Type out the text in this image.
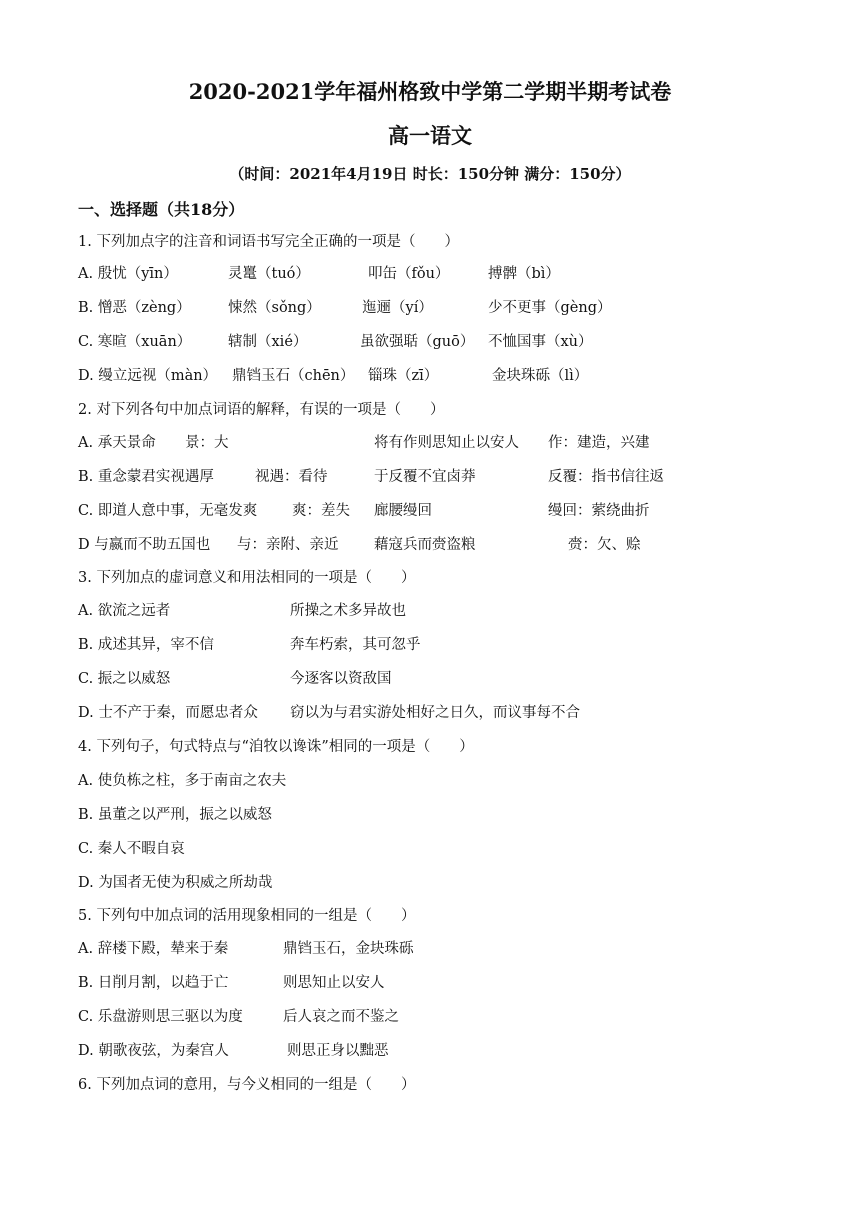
2020-2021学年福州格致中学第二学期半期考试卷
高一语文
（时间：2021年4月19日 时长：150分钟 满分：150分）
一、选择题（共18分）
1. 下列加点字的注音和词语书写完全正确的一项是（　　）
A. 殷忧（yīn）	灵鼍（tuó）	叩缶（fǒu）	搏髀（bì）
B. 憎恶（zèng）	悚然（sǒng）	迤逦（yí）	少不更事（gèng）
C. 寒暄（xuān）	辖制（xié）	虽欲强聒（guō） 不恤国事（xù）
D. 缦立远视（màn） 鼎铛玉石（chēn） 锱珠（zī）	金块珠砾（lì）
2. 对下列各句中加点词语的解释，有误的一项是（　　）
A. 承天景命 景：大	将有作则思知止以安人 作：建造，兴建
B. 重念蒙君实视遇厚	视遇：看待	于反覆不宜卤莽	反覆：指书信往返
C. 即道人意中事，无毫发爽 爽：差失 廊腰缦回	缦回：萦绕曲折
D 与嬴而不助五国也 与：亲附、亲近 藉寇兵而赍盗粮	赍：欠、赊
3. 下列加点的虚词意义和用法相同的一项是（　　）
A. 欲流之远者	所操之术多异故也
B. 成述其异，宰不信	奔车朽索，其可忽乎
C. 振之以威怒	今逐客以资敌国
D. 士不产于秦，而愿忠者众 窃以为与君实游处相好之日久，而议事每不合
4. 下列句子，句式特点与“洎牧以谗诛”相同的一项是（　　）
A. 使负栋之柱，多于南亩之农夫
B. 虽董之以严刑，振之以威怒
C. 秦人不暇自哀
D. 为国者无使为积威之所劫哉
5. 下列句中加点词的活用现象相同的一组是（　　）
A. 辞楼下殿，辇来于秦	鼎铛玉石，金块珠砾
B. 日削月割，以趋于亡	则思知止以安人
C. 乐盘游则思三驱以为度	后人哀之而不鉴之
D. 朝歌夜弦，为秦宫人	则思正身以黜恶
6. 下列加点词的意用，与今义相同的一组是（　　）
